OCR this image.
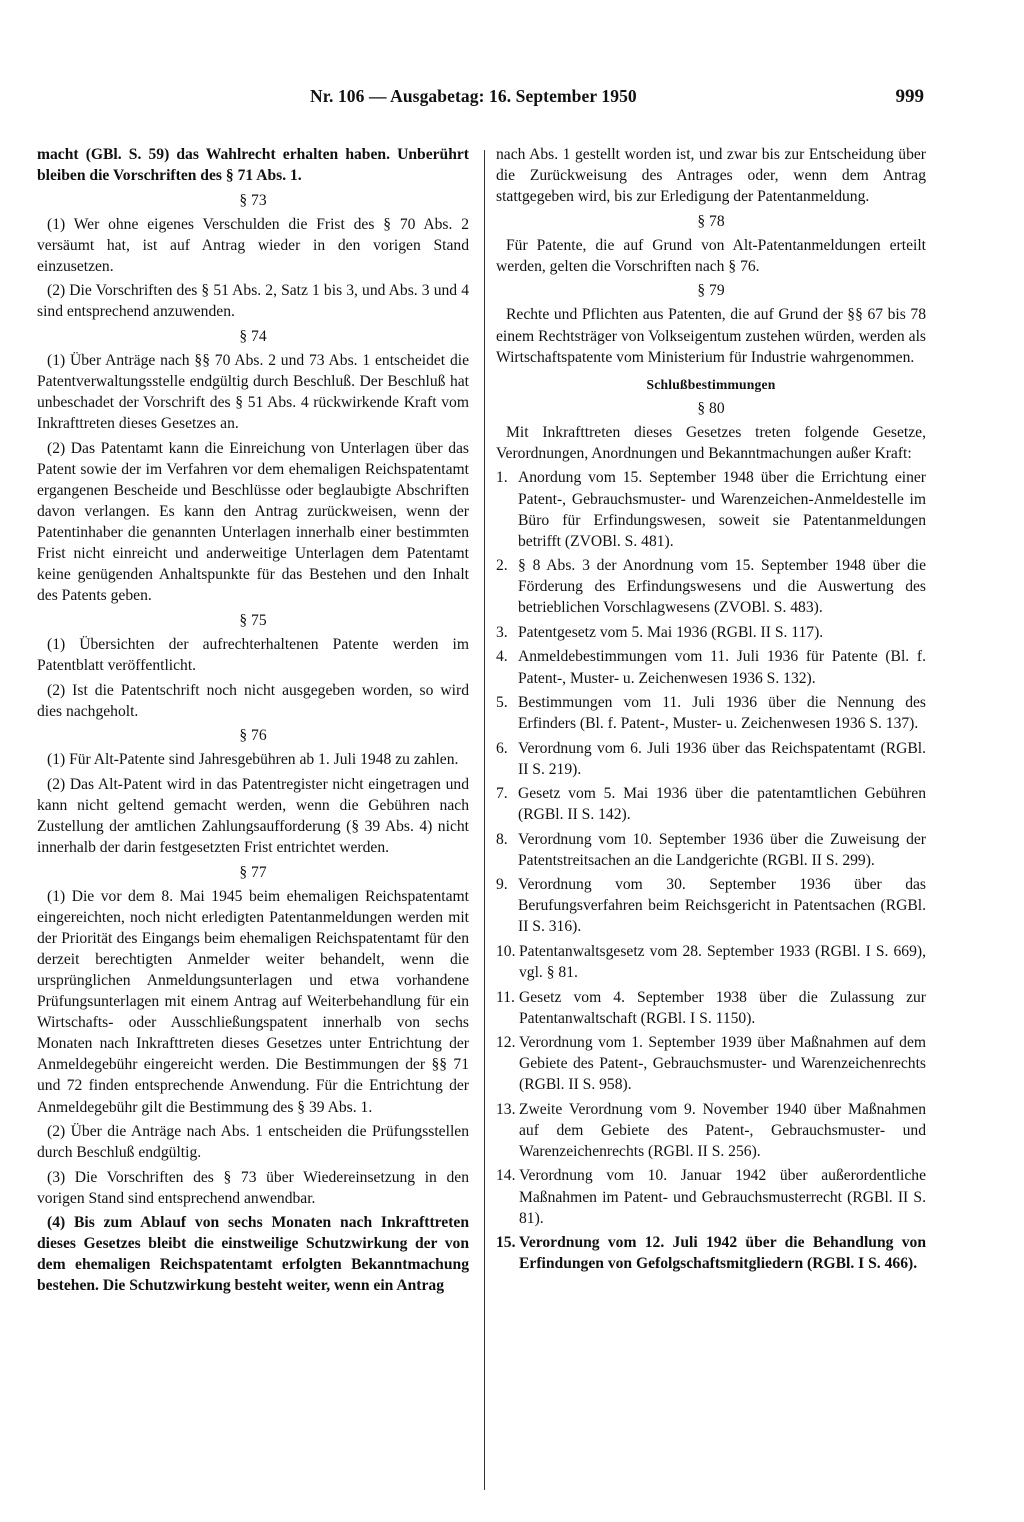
Nr. 106 — Ausgabetag: 16. September 1950	999

macht (GBl. S. 59) das Wahlrecht erhalten haben. Unberührt bleiben die Vorschriften des § 71 Abs. 1.

§ 73

(1) Wer ohne eigenes Verschulden die Frist des § 70 Abs. 2 versäumt hat, ist auf Antrag wieder in den vorigen Stand einzusetzen.

(2) Die Vorschriften des § 51 Abs. 2, Satz 1 bis 3, und Abs. 3 und 4 sind entsprechend anzuwenden.

§ 74

(1) Über Anträge nach §§ 70 Abs. 2 und 73 Abs. 1 entscheidet die Patentverwaltungsstelle endgültig durch Beschluß. Der Beschluß hat unbeschadet der Vorschrift des § 51 Abs. 4 rückwirkende Kraft vom Inkrafttreten dieses Gesetzes an.

(2) Das Patentamt kann die Einreichung von Unterlagen über das Patent sowie der im Verfahren vor dem ehemaligen Reichspatentamt ergangenen Bescheide und Beschlüsse oder beglaubigte Abschriften davon verlangen. Es kann den Antrag zurückweisen, wenn der Patentinhaber die genannten Unterlagen innerhalb einer bestimmten Frist nicht einreicht und anderweitige Unterlagen dem Patentamt keine genügenden Anhaltspunkte für das Bestehen und den Inhalt des Patents geben.

§ 75

(1) Übersichten der aufrechterhaltenen Patente werden im Patentblatt veröffentlicht.

(2) Ist die Patentschrift noch nicht ausgegeben worden, so wird dies nachgeholt.

§ 76

(1) Für Alt-Patente sind Jahresgebühren ab 1. Juli 1948 zu zahlen.

(2) Das Alt-Patent wird in das Patentregister nicht eingetragen und kann nicht geltend gemacht werden, wenn die Gebühren nach Zustellung der amtlichen Zahlungsaufforderung (§ 39 Abs. 4) nicht innerhalb der darin festgesetzten Frist entrichtet werden.

§ 77

(1) Die vor dem 8. Mai 1945 beim ehemaligen Reichspatentamt eingereichten, noch nicht erledigten Patentanmeldungen werden mit der Priorität des Eingangs beim ehemaligen Reichspatentamt für den derzeit berechtigten Anmelder weiter behandelt, wenn die ursprünglichen Anmeldungsunterlagen und etwa vorhandene Prüfungsunterlagen mit einem Antrag auf Weiterbehandlung für ein Wirtschafts- oder Ausschließungspatent innerhalb von sechs Monaten nach Inkrafttreten dieses Gesetzes unter Entrichtung der Anmeldegebühr eingereicht werden. Die Bestimmungen der §§ 71 und 72 finden entsprechende Anwendung. Für die Entrichtung der Anmeldegebühr gilt die Bestimmung des § 39 Abs. 1.

(2) Über die Anträge nach Abs. 1 entscheiden die Prüfungsstellen durch Beschluß endgültig.

(3) Die Vorschriften des § 73 über Wiedereinsetzung in den vorigen Stand sind entsprechend anwendbar.

(4) Bis zum Ablauf von sechs Monaten nach Inkrafttreten dieses Gesetzes bleibt die einstweilige Schutzwirkung der von dem ehemaligen Reichspatentamt erfolgten Bekanntmachung bestehen. Die Schutzwirkung besteht weiter, wenn ein Antrag

nach Abs. 1 gestellt worden ist, und zwar bis zur Entscheidung über die Zurückweisung des Antrages oder, wenn dem Antrag stattgegeben wird, bis zur Erledigung der Patentanmeldung.

§ 78

Für Patente, die auf Grund von Alt-Patentanmeldungen erteilt werden, gelten die Vorschriften nach § 76.

§ 79

Rechte und Pflichten aus Patenten, die auf Grund der §§ 67 bis 78 einem Rechtsträger von Volkseigentum zustehen würden, werden als Wirtschaftspatente vom Ministerium für Industrie wahrgenommen.

Schlußbestimmungen
§ 80

Mit Inkrafttreten dieses Gesetzes treten folgende Gesetze, Verordnungen, Anordnungen und Bekanntmachungen außer Kraft:

1. Anordung vom 15. September 1948 über die Errichtung einer Patent-, Gebrauchsmuster- und Warenzeichen-Anmeldestelle im Büro für Erfindungswesen, soweit sie Patentanmeldungen betrifft (ZVOBl. S. 481).
2. § 8 Abs. 3 der Anordnung vom 15. September 1948 über die Förderung des Erfindungswesens und die Auswertung des betrieblichen Vorschlagwesens (ZVOBl. S. 483).
3. Patentgesetz vom 5. Mai 1936 (RGBl. II S. 117).
4. Anmeldebestimmungen vom 11. Juli 1936 für Patente (Bl. f. Patent-, Muster- u. Zeichenwesen 1936 S. 132).
5. Bestimmungen vom 11. Juli 1936 über die Nennung des Erfinders (Bl. f. Patent-, Muster- u. Zeichenwesen 1936 S. 137).
6. Verordnung vom 6. Juli 1936 über das Reichspatentamt (RGBl. II S. 219).
7. Gesetz vom 5. Mai 1936 über die patentamtlichen Gebühren (RGBl. II S. 142).
8. Verordnung vom 10. September 1936 über die Zuweisung der Patentstreitsachen an die Landgerichte (RGBl. II S. 299).
9. Verordnung vom 30. September 1936 über das Berufungsverfahren beim Reichsgericht in Patentsachen (RGBl. II S. 316).
10. Patentanwaltsgesetz vom 28. September 1933 (RGBl. I S. 669), vgl. § 81.
11. Gesetz vom 4. September 1938 über die Zulassung zur Patentanwaltschaft (RGBl. I S. 1150).
12. Verordnung vom 1. September 1939 über Maßnahmen auf dem Gebiete des Patent-, Gebrauchsmuster- und Warenzeichenrechts (RGBl. II S. 958).
13. Zweite Verordnung vom 9. November 1940 über Maßnahmen auf dem Gebiete des Patent-, Gebrauchsmuster- und Warenzeichenrechts (RGBl. II S. 256).
14. Verordnung vom 10. Januar 1942 über außerordentliche Maßnahmen im Patent- und Gebrauchsmusterrecht (RGBl. II S. 81).
15. Verordnung vom 12. Juli 1942 über die Behandlung von Erfindungen von Gefolgschaftsmitgliedern (RGBl. I S. 466).
